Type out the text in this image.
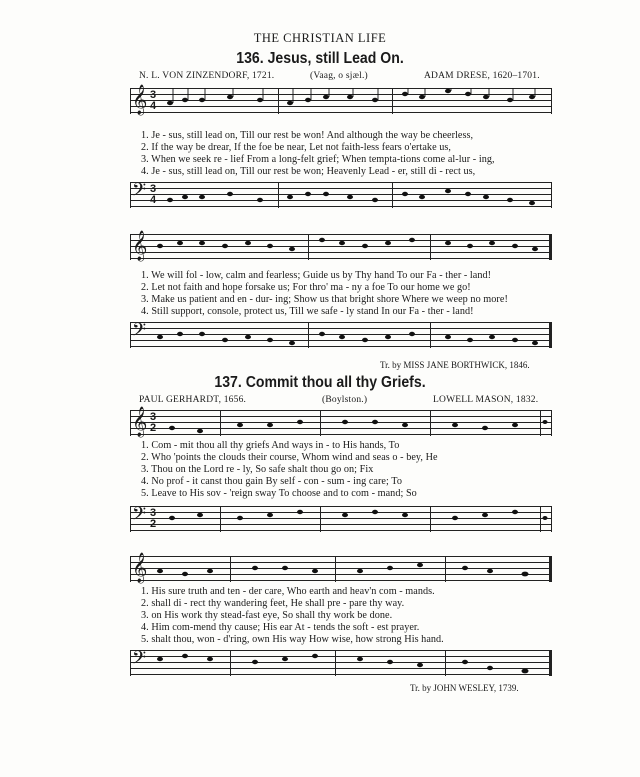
THE CHRISTIAN LIFE
136. Jesus, still Lead On.
N. L. VON ZINZENDORF, 1721.	(Vaag, o sjæl.)	ADAM DRESE, 1620–1701.
𝄞 3
4
1. Je - sus, still lead on, Till our rest be won! And although the way be cheerless,
2. If the way be drear, If the foe be near, Let not faith-less fears o'ertake us,
3. When we seek re - lief From a long-felt grief; When tempta-tions come al-lur - ing,
4. Je - sus, still lead on, Till our rest be won; Heavenly Lead - er, still di - rect us,
𝄢 3
4
𝄞
1. We will fol - low, calm and fearless; Guide us by Thy hand To our Fa - ther - land!
2. Let not faith and hope forsake us; For thro' ma - ny a foe To our home we go!
3. Make us patient and en - dur- ing; Show us that bright shore Where we weep no more!
4. Still support, console, protect us, Till we safe - ly stand In our Fa - ther - land!
𝄢
Tr. by MISS JANE BORTHWICK, 1846.
137. Commit thou all thy Griefs.
PAUL GERHARDT, 1656.	(Boylston.)	LOWELL MASON, 1832.
𝄞 3
2
1. Com - mit thou all thy griefs And ways in - to His hands, To
2. Who 'points the clouds their course, Whom wind and seas o - bey, He
3. Thou on the Lord re - ly, So safe shalt thou go on; Fix
4. No prof - it canst thou gain By self - con - sum - ing care; To
5. Leave to His sov - 'reign sway To choose and to com - mand; So
𝄢 3
2
𝄞
1. His sure truth and ten - der care, Who earth and heav'n com - mands.
2. shall di - rect thy wandering feet, He shall pre - pare thy way.
3. on His work thy stead-fast eye, So shall thy work be done.
4. Him com-mend thy cause; His ear At - tends the soft - est prayer.
5. shalt thou, won - d'ring, own His way How wise, how strong His hand.
𝄢
Tr. by JOHN WESLEY, 1739.
